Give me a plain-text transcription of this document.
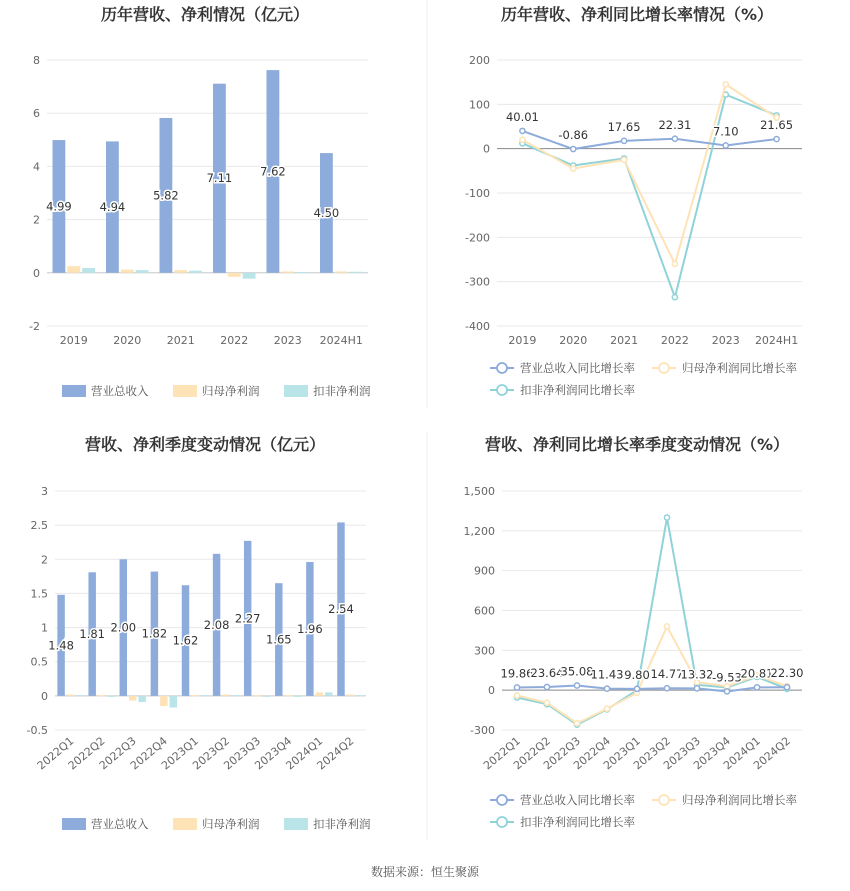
数据来源：恒生聚源
历年营收、净利情况（亿元）
-2
0
2
4
6
8
2019 2020 2021 2022 2023 2024H1
4.99 4.94
5.82
7.11 7.62
4.50
营业总收入	归母净利润	扣非净利润
历年营收、净利同比增长率情况（%）
-400
-300
-200
-100
0
100
200
2019 2020 2021 2022 2023 2024H1
40.01
-0.86
17.65 22.31 7.10 21.65
营业总收入同比增长率	归母净利润同比增长率
扣非净利润同比增长率
营收、净利季度变动情况（亿元）
-0.5
0
0.5
1
1.5
2
2.5
3
2022Q1
2022Q2
2022Q3
2022Q4
2023Q1
2023Q2
2023Q3
2023Q4
2024Q1
2024Q2
1.48
1.81 2.00 1.82 1.62
2.08 2.27
1.65
1.96
2.54
营业总收入	归母净利润	扣非净利润
营收、净利同比增长率季度变动情况（%）
-300
0
300
600
900
1,200
1,500
2022Q1
2022Q2
2022Q3
2022Q4
2023Q1
2023Q2
2023Q3
2023Q4
2024Q1
2024Q2
19.86
23.64
35.08
11.43 9.80 14.77
13.32
-9.53
20.81
22.30
营业总收入同比增长率	归母净利润同比增长率
扣非净利润同比增长率
